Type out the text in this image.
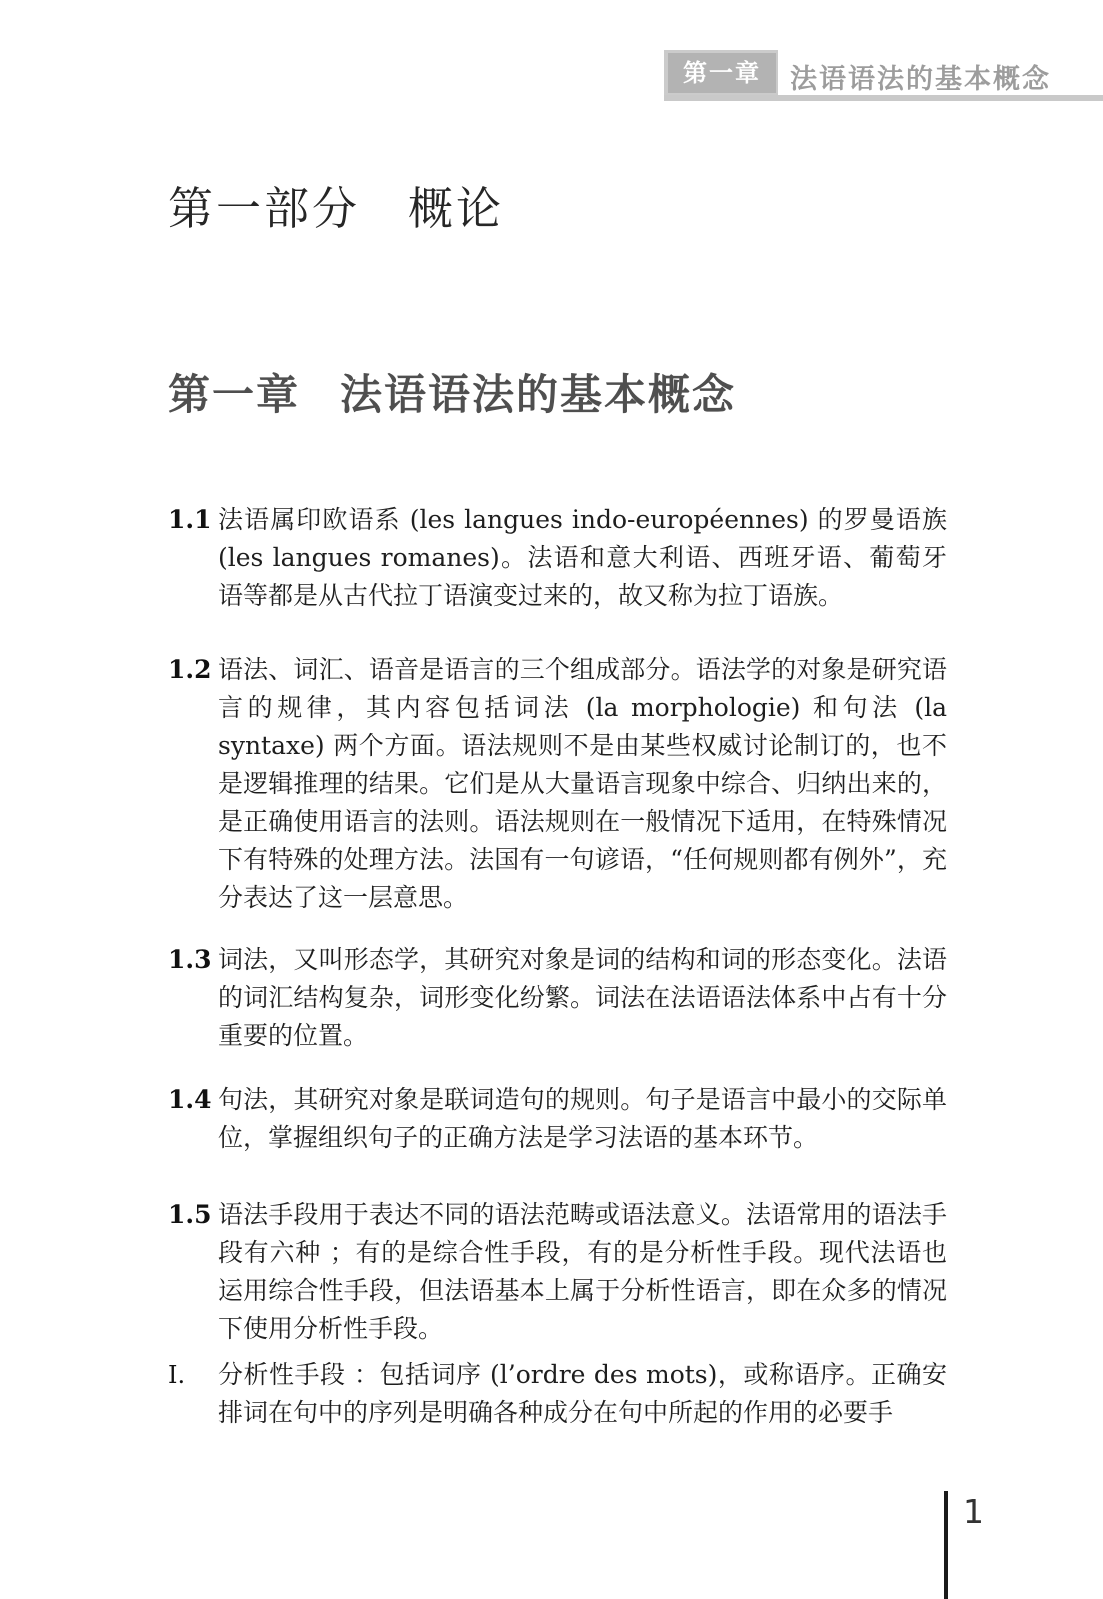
第一章	法语语法的基本概念
第一部分　概论
第一章 法语语法的基本概念
1.1 法语属印欧语系 (les langues indo-européennes) 的罗曼语族 (les langues romanes)。法语和意大利语、西班牙语、葡萄牙语等都是从古代拉丁语演变过来的，故又称为拉丁语族。
1.2 语法、词汇、语音是语言的三个组成部分。语法学的对象是研究语言的规律，其内容包括词法 (la morphologie) 和句法 (la syntaxe) 两个方面。语法规则不是由某些权威讨论制订的，也不是逻辑推理的结果。它们是从大量语言现象中综合、归纳出来的，是正确使用语言的法则。语法规则在一般情况下适用，在特殊情况下有特殊的处理方法。法国有一句谚语，“任何规则都有例外”，充分表达了这一层意思。
1.3 词法，又叫形态学，其研究对象是词的结构和词的形态变化。法语的词汇结构复杂，词形变化纷繁。词法在法语语法体系中占有十分重要的位置。
1.4 句法，其研究对象是联词造句的规则。句子是语言中最小的交际单位，掌握组织句子的正确方法是学习法语的基本环节。
1.5 语法手段用于表达不同的语法范畴或语法意义。法语常用的语法手段有六种 ；有的是综合性手段，有的是分析性手段。现代法语也运用综合性手段，但法语基本上属于分析性语言，即在众多的情况下使用分析性手段。
I.	分析性手段 ：包括词序 (l’ordre des mots)，或称语序。正确安排词在句中的序列是明确各种成分在句中所起的作用的必要手
1
